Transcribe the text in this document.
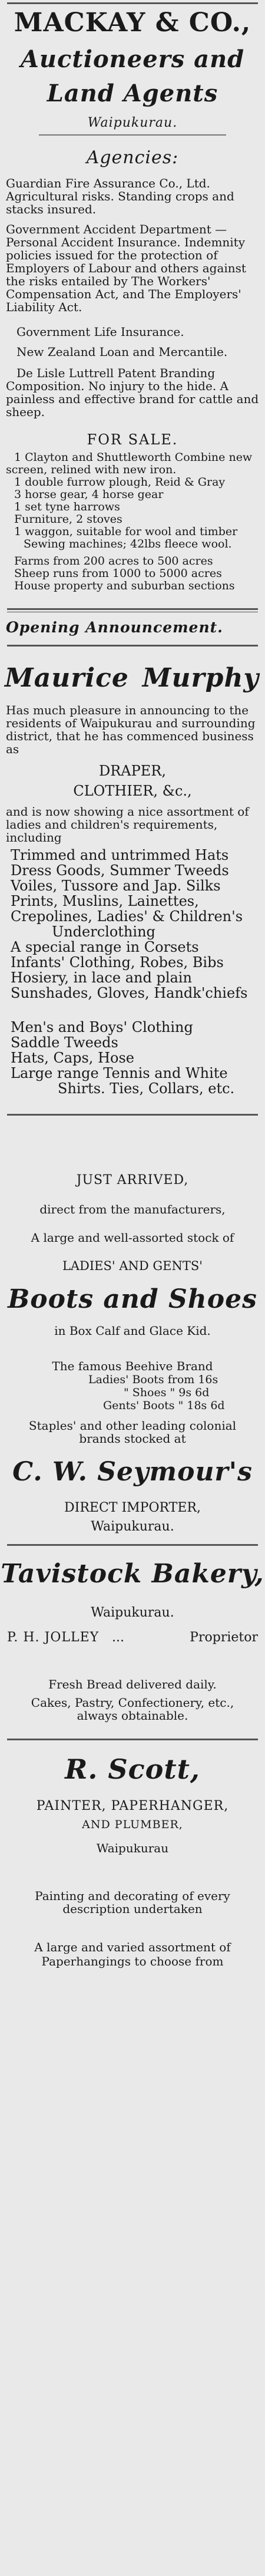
MACKAY & CO.,
Auctioneers and
Land Agents
Waipukurau.
Agencies:

Guardian Fire Assurance Co., Ltd. Agricultural risks. Standing crops and stacks insured.

Government Accident Department — Personal Accident Insurance. Indemnity policies issued for the protection of Employers of Labour and others against the risks entailed by The Workers' Compensation Act, and The Employers' Liability Act.

Government Life Insurance.

New Zealand Loan and Mercantile.

De Lisle Luttrell Patent Branding Composition. No injury to the hide. A painless and effective brand for cattle and sheep.

FOR SALE.

1 Clayton and Shuttleworth Combine new screen, relined with new iron.

1 double furrow plough, Reid & Gray

3 horse gear, 4 horse gear

1 set tyne harrows

Furniture, 2 stoves

1 waggon, suitable for wool and timber

Sewing machines; 42lbs fleece wool.

Farms from 200 acres to 500 acres

Sheep runs from 1000 to 5000 acres

House property and suburban sections

Opening Announcement.
Maurice Murphy

Has much pleasure in announcing to the residents of Waipukurau and surrounding district, that he has commenced business as

DRAPER,
CLOTHIER, &c.,

and is now showing a nice assortment of ladies and children's requirements, including

Trimmed and untrimmed Hats

Dress Goods, Summer Tweeds

Voiles, Tussore and Jap. Silks

Prints, Muslins, Lainettes,

Crepolines, Ladies' & Children's

Underclothing

A special range in Corsets

Infants' Clothing, Robes, Bibs

Hosiery, in lace and plain

Sunshades, Gloves, Handk'chiefs

Men's and Boys' Clothing

Saddle Tweeds

Hats, Caps, Hose

Large range Tennis and White

Shirts. Ties, Collars, etc.

JUST ARRIVED,
direct from the manufacturers,
A large and well-assorted stock of
LADIES' AND GENTS'
Boots and Shoes
in Box Calf and Glace Kid.
The famous Beehive Brand
Ladies' Boots from 16s
" Shoes " 9s 6d
Gents' Boots " 18s 6d

Staples' and other leading colonial brands stocked at

C. W. Seymour's
DIRECT IMPORTER,
Waipukurau.
Tavistock Bakery,
Waipukurau.
P. H. JOLLEY ...	Proprietor
Fresh Bread delivered daily.

Cakes, Pastry, Confectionery, etc., always obtainable.

R. Scott,
PAINTER, PAPERHANGER,
AND PLUMBER,
Waipukurau

Painting and decorating of every description undertaken

A large and varied assortment of
Paperhangings to choose from
